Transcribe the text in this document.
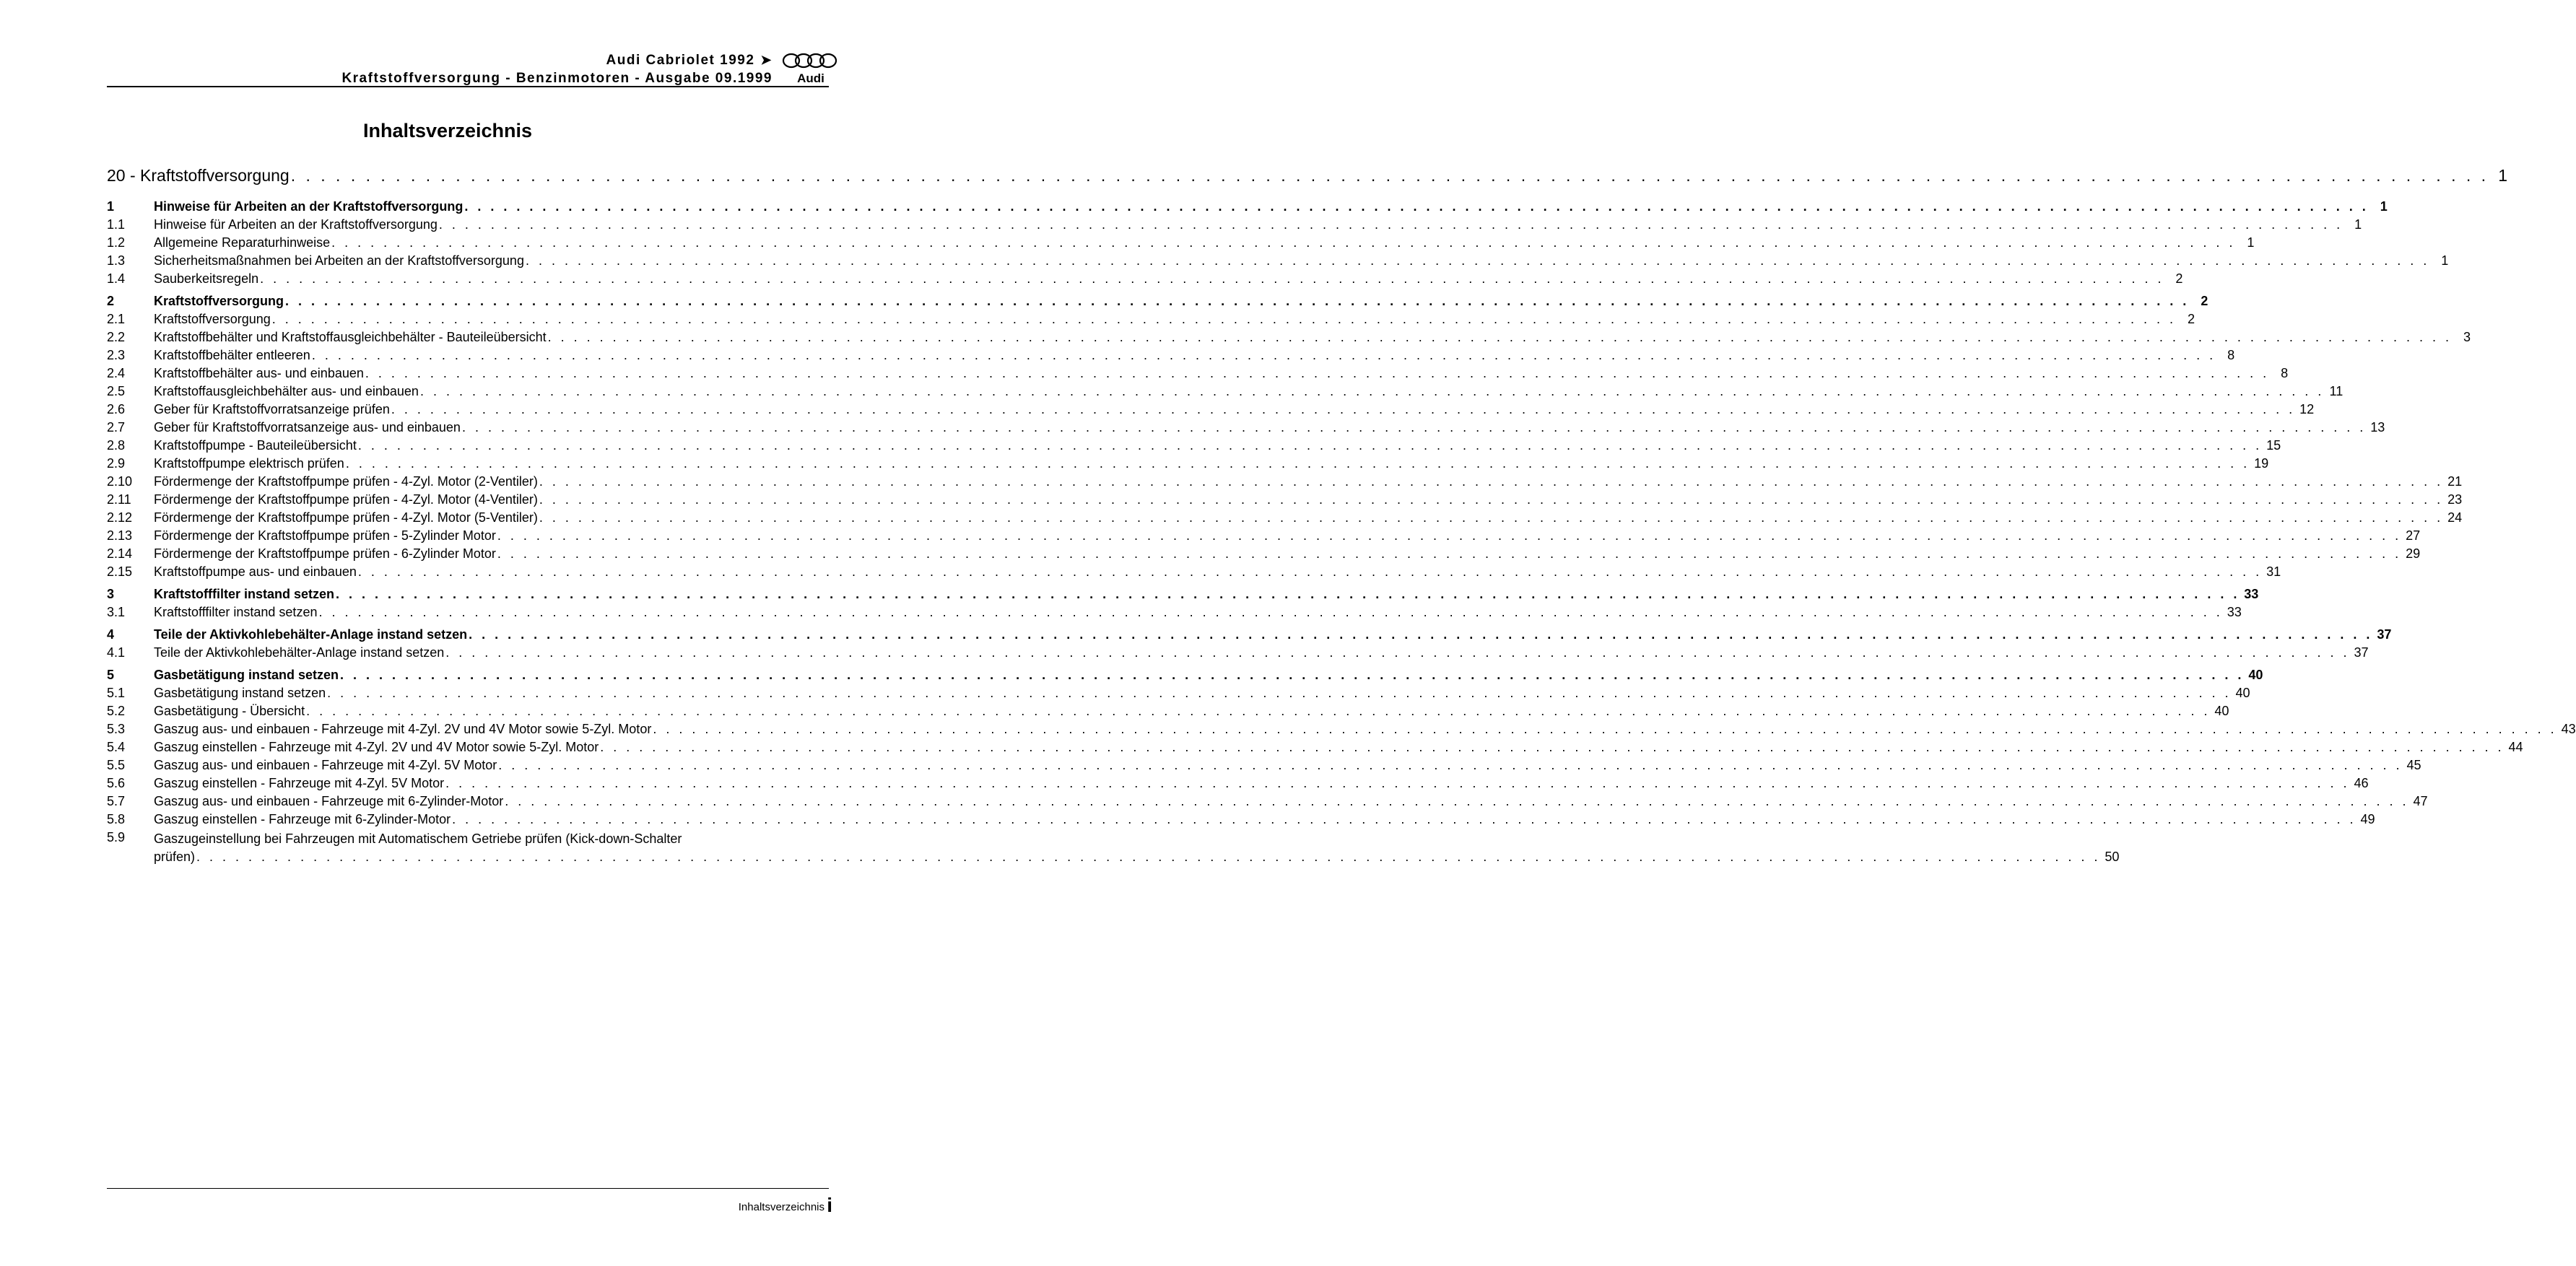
Audi Cabriolet 1992 ➤
Kraftstoffversorgung - Benzinmotoren - Ausgabe 09.1999 Audi
Inhaltsverzeichnis
20 - Kraftstoffversorgung . . .	1
1	Hinweise für Arbeiten an der Kraftstoffversorgung . . .	1
1.1	Hinweise für Arbeiten an der Kraftstoffversorgung . . .	1
1.2	Allgemeine Reparaturhinweise . . .	1
1.3	Sicherheitsmaßnahmen bei Arbeiten an der Kraftstoffversorgung . . .	1
1.4	Sauberkeitsregeln . . .	2
2	Kraftstoffversorgung . . .	2
2.1	Kraftstoffversorgung . . .	2
2.2	Kraftstoffbehälter und Kraftstoffausgleichbehälter - Bauteileübersicht . . .	3
2.3	Kraftstoffbehälter entleeren . . .	8
2.4	Kraftstoffbehälter aus- und einbauen . . .	8
2.5	Kraftstoffausgleichbehälter aus- und einbauen . . .	11
2.6	Geber für Kraftstoffvorratsanzeige prüfen . . .	12
2.7	Geber für Kraftstoffvorratsanzeige aus- und einbauen . . .	13
2.8	Kraftstoffpumpe - Bauteileübersicht . . .	15
2.9	Kraftstoffpumpe elektrisch prüfen . . .	19
2.10	Fördermenge der Kraftstoffpumpe prüfen - 4-Zyl. Motor (2-Ventiler) . . .	21
2.11	Fördermenge der Kraftstoffpumpe prüfen - 4-Zyl. Motor (4-Ventiler) . . .	23
2.12	Fördermenge der Kraftstoffpumpe prüfen - 4-Zyl. Motor (5-Ventiler) . . .	24
2.13	Fördermenge der Kraftstoffpumpe prüfen - 5-Zylinder Motor . . .	27
2.14	Fördermenge der Kraftstoffpumpe prüfen - 6-Zylinder Motor . . .	29
2.15	Kraftstoffpumpe aus- und einbauen . . .	31
3	Kraftstofffilter instand setzen . . .	33
3.1	Kraftstofffilter instand setzen . . .	33
4	Teile der Aktivkohlebehälter-Anlage instand setzen . . .	37
4.1	Teile der Aktivkohlebehälter-Anlage instand setzen . . .	37
5	Gasbetätigung instand setzen . . .	40
5.1	Gasbetätigung instand setzen . . .	40
5.2	Gasbetätigung - Übersicht . . .	40
5.3	Gaszug aus- und einbauen - Fahrzeuge mit 4-Zyl. 2V und 4V Motor sowie 5-Zyl. Motor . . .	43
5.4	Gaszug einstellen - Fahrzeuge mit 4-Zyl. 2V und 4V Motor sowie 5-Zyl. Motor . . .	44
5.5	Gaszug aus- und einbauen - Fahrzeuge mit 4-Zyl. 5V Motor . . .	45
5.6	Gaszug einstellen - Fahrzeuge mit 4-Zyl. 5V Motor . . .	46
5.7	Gaszug aus- und einbauen - Fahrzeuge mit 6-Zylinder-Motor . . .	47
5.8	Gaszug einstellen - Fahrzeuge mit 6-Zylinder-Motor . . .	49
5.9	Gaszugeinstellung bei Fahrzeugen mit Automatischem Getriebe prüfen (Kick-down-Schalter
prüfen) . . .	50
Inhaltsverzeichnis i
